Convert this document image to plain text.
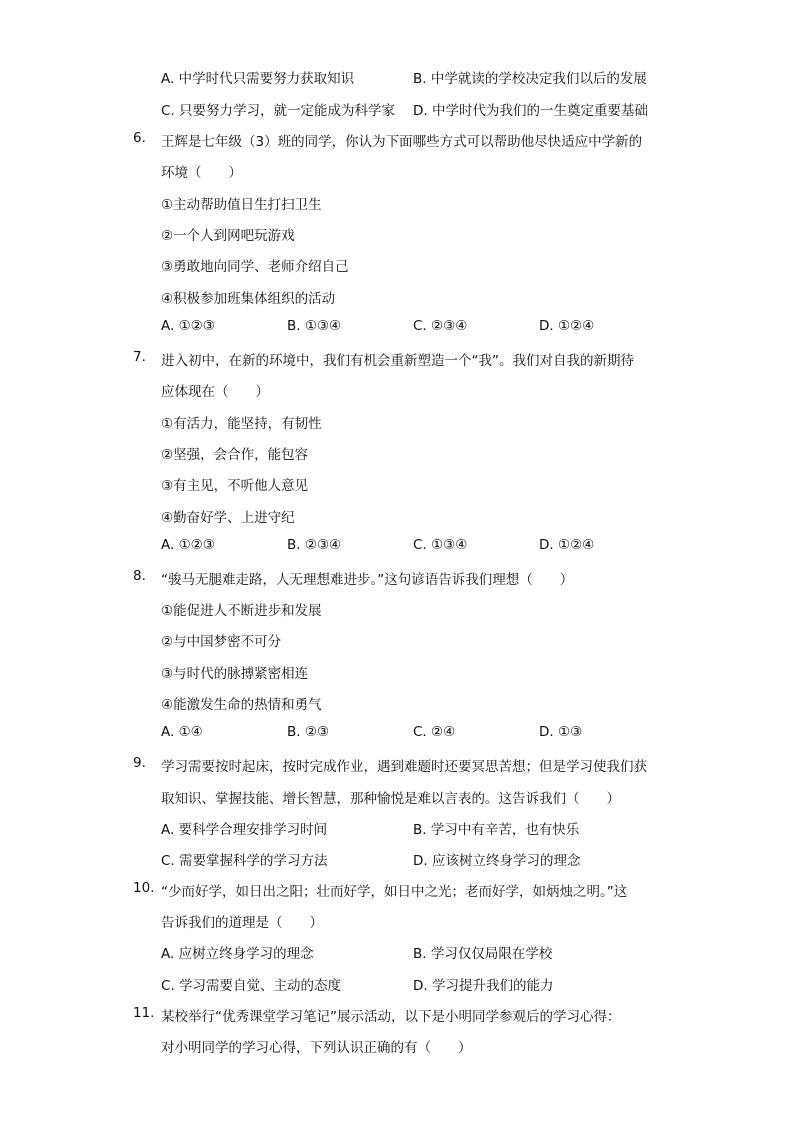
A. 中学时代只需要努力获取知识	B. 中学就读的学校决定我们以后的发展
C. 只要努力学习，就一定能成为科学家 D. 中学时代为我们的一生奠定重要基础
6. 王辉是七年级（3）班的同学，你认为下面哪些方式可以帮助他尽快适应中学新的
环境（　　）
①主动帮助值日生打扫卫生
②一个人到网吧玩游戏
③勇敢地向同学、老师介绍自己
④积极参加班集体组织的活动
A. ①②③	B. ①③④	C. ②③④	D. ①②④
7. 进入初中，在新的环境中，我们有机会重新塑造一个“我”。我们对自我的新期待
应体现在（　　）
①有活力，能坚持，有韧性
②坚强，会合作，能包容
③有主见，不听他人意见
④勤奋好学、上进守纪
A. ①②③	B. ②③④	C. ①③④	D. ①②④
8. “骏马无腿难走路，人无理想难进步。”这句谚语告诉我们理想（　　）
①能促进人不断进步和发展
②与中国梦密不可分
③与时代的脉搏紧密相连
④能激发生命的热情和勇气
A. ①④	B. ②③	C. ②④	D. ①③
9. 学习需要按时起床，按时完成作业，遇到难题时还要冥思苦想；但是学习使我们获
取知识、掌握技能、增长智慧，那种愉悦是难以言表的。这告诉我们（　　）
A. 要科学合理安排学习时间	B. 学习中有辛苦，也有快乐
C. 需要掌握科学的学习方法	D. 应该树立终身学习的理念
10. “少而好学，如日出之阳；壮而好学，如日中之光；老而好学，如炳烛之明。”这
告诉我们的道理是（　　）
A. 应树立终身学习的理念	B. 学习仅仅局限在学校
C. 学习需要自觉、主动的态度	D. 学习提升我们的能力
11. 某校举行“优秀课堂学习笔记”展示活动，以下是小明同学参观后的学习心得：
对小明同学的学习心得，下列认识正确的有（　　）
